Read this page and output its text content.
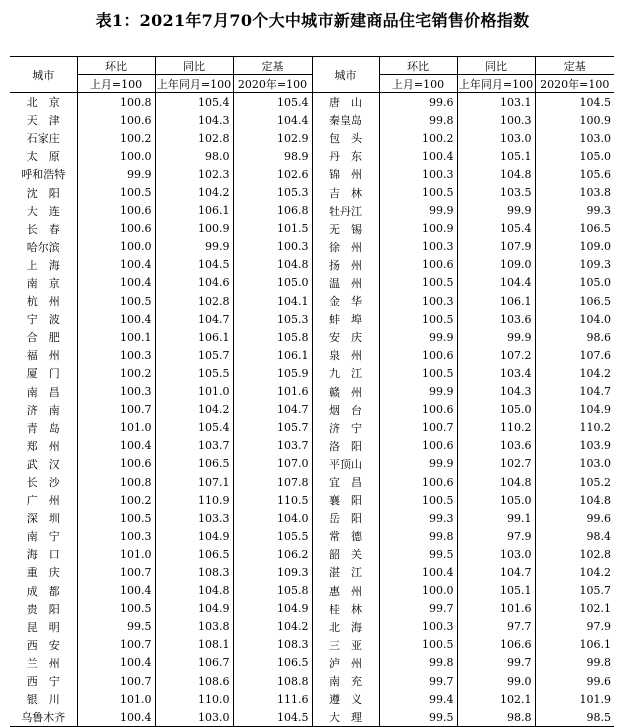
表1：2021年7月70个大中城市新建商品住宅销售价格指数
城市	环比	同比	定基	城市	环比	同比	定基
	上月=100	上年同月=100	2020年=100		上月=100	上年同月=100	2020年=100
北　京	100.8	105.4	105.4	唐　山	99.6	103.1	104.5
天　津	100.6	104.3	104.4	秦皇岛	99.8	100.3	100.9
石家庄	100.2	102.8	102.9	包　头	100.2	103.0	103.0
太　原	100.0	98.0	98.9	丹　东	100.4	105.1	105.0
呼和浩特	99.9	102.3	102.6	锦　州	100.3	104.8	105.6
沈　阳	100.5	104.2	105.3	吉　林	100.5	103.5	103.8
大　连	100.6	106.1	106.8	牡丹江	99.9	99.9	99.3
长　春	100.6	100.9	101.5	无　锡	100.9	105.4	106.5
哈尔滨	100.0	99.9	100.3	徐　州	100.3	107.9	109.0
上　海	100.4	104.5	104.8	扬　州	100.6	109.0	109.3
南　京	100.4	104.6	105.0	温　州	100.5	104.4	105.0
杭　州	100.5	102.8	104.1	金　华	100.3	106.1	106.5
宁　波	100.4	104.7	105.3	蚌　埠	100.5	103.6	104.0
合　肥	100.1	106.1	105.8	安　庆	99.9	99.9	98.6
福　州	100.3	105.7	106.1	泉　州	100.6	107.2	107.6
厦　门	100.2	105.5	105.9	九　江	100.5	103.4	104.2
南　昌	100.3	101.0	101.6	赣　州	99.9	104.3	104.7
济　南	100.7	104.2	104.7	烟　台	100.6	105.0	104.9
青　岛	101.0	105.4	105.7	济　宁	100.7	110.2	110.2
郑　州	100.4	103.7	103.7	洛　阳	100.6	103.6	103.9
武　汉	100.6	106.5	107.0	平顶山	99.9	102.7	103.0
长　沙	100.8	107.1	107.8	宜　昌	100.6	104.8	105.2
广　州	100.2	110.9	110.5	襄　阳	100.5	105.0	104.8
深　圳	100.5	103.3	104.0	岳　阳	99.3	99.1	99.6
南　宁	100.3	104.9	105.5	常　德	99.8	97.9	98.4
海　口	101.0	106.5	106.2	韶　关	99.5	103.0	102.8
重　庆	100.7	108.3	109.3	湛　江	100.4	104.7	104.2
成　都	100.4	104.8	105.8	惠　州	100.0	105.1	105.7
贵　阳	100.5	104.9	104.9	桂　林	99.7	101.6	102.1
昆　明	99.5	103.8	104.2	北　海	100.3	97.7	97.9
西　安	100.7	108.1	108.3	三　亚	100.5	106.6	106.1
兰　州	100.4	106.7	106.5	泸　州	99.8	99.7	99.8
西　宁	100.7	108.6	108.8	南　充	99.7	99.0	99.6
银　川	101.0	110.0	111.6	遵　义	99.4	102.1	101.9
乌鲁木齐	100.4	103.0	104.5	大　理	99.5	98.8	98.5
